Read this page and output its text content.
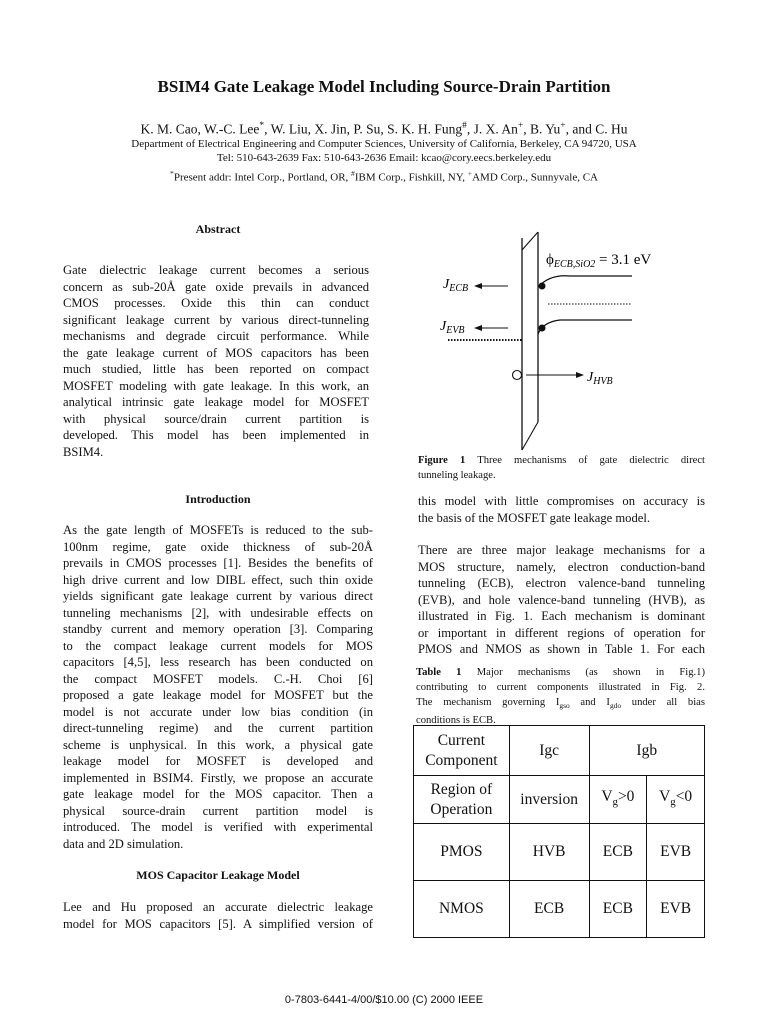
BSIM4 Gate Leakage Model Including Source-Drain Partition
K. M. Cao, W.-C. Lee*, W. Liu, X. Jin, P. Su, S. K. H. Fung#, J. X. An+, B. Yu+, and C. Hu
Department of Electrical Engineering and Computer Sciences, University of California, Berkeley, CA 94720, USA
Tel: 510-643-2639 Fax: 510-643-2636 Email: kcao@cory.eecs.berkeley.edu
*Present addr: Intel Corp., Portland, OR, #IBM Corp., Fishkill, NY, +AMD Corp., Sunnyvale, CA
Abstract
Gate dielectric leakage current becomes a serious
concern as sub-20Å gate oxide prevails in advanced
CMOS processes. Oxide this thin can conduct
significant leakage current by various direct-tunneling
mechanisms and degrade circuit performance. While
the gate leakage current of MOS capacitors has been
much studied, little has been reported on compact
MOSFET modeling with gate leakage. In this work, an
analytical intrinsic gate leakage model for MOSFET
with physical source/drain current partition is
developed. This model has been implemented in
BSIM4.
Introduction
As the gate length of MOSFETs is reduced to the sub-
100nm regime, gate oxide thickness of sub-20Å
prevails in CMOS processes [1]. Besides the benefits of
high drive current and low DIBL effect, such thin oxide
yields significant gate leakage current by various direct
tunneling mechanisms [2], with undesirable effects on
standby current and memory operation [3]. Comparing
to the compact leakage current models for MOS
capacitors [4,5], less research has been conducted on
the compact MOSFET models. C.-H. Choi [6]
proposed a gate leakage model for MOSFET but the
model is not accurate under low bias condition (in
direct-tunneling regime) and the current partition
scheme is unphysical. In this work, a physical gate
leakage model for MOSFET is developed and
implemented in BSIM4. Firstly, we propose an accurate
gate leakage model for the MOS capacitor. Then a
physical source-drain current partition model is
introduced. The model is verified with experimental
data and 2D simulation.
MOS Capacitor Leakage Model
Lee and Hu proposed an accurate dielectric leakage
model for MOS capacitors [5]. A simplified version of
$\phi_{ECB,SiO2} = 3.1$ eV
$J_{ECB}$
$J_{EVB}$
$J_{HVB}$
Figure 1 Three mechanisms of gate dielectric direct
tunneling leakage.
this model with little compromises on accuracy is
the basis of the MOSFET gate leakage model.
There are three major leakage mechanisms for a
MOS structure, namely, electron conduction-band
tunneling (ECB), electron valence-band tunneling
(EVB), and hole valence-band tunneling (HVB), as
illustrated in Fig. 1. Each mechanism is dominant
or important in different regions of operation for
PMOS and NMOS as shown in Table 1. For each
Table 1 Major mechanisms (as shown in Fig.1)
contributing to current components illustrated in Fig. 2.
The mechanism governing $I_{gso}$ and $I_{gdo}$ under all bias
conditions is ECB.
Current
Component	Igc	Igb	
Region of
Operation	inversion	$V_g>0$	$V_g<0$
PMOS	HVB	ECB	EVB
NMOS	ECB	ECB	EVB
0-7803-6441-4/00/$10.00 (C) 2000 IEEE
